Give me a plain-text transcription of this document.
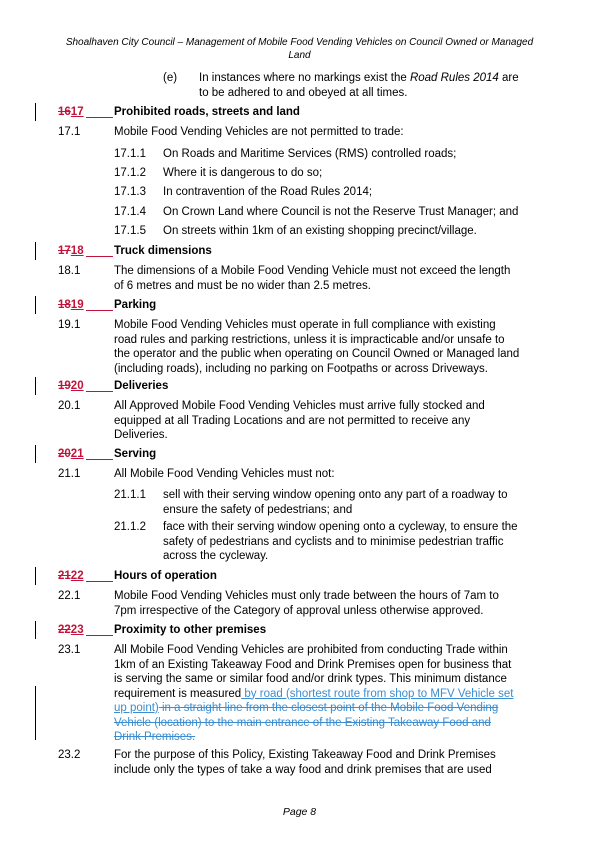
Shoalhaven City Council – Management of Mobile Food Vending Vehicles on Council Owned or Managed
Land
(e) In instances where no markings exist the Road Rules 2014 are
to be adhered to and obeyed at all times.
1617	Prohibited roads, streets and land
17.1	Mobile Food Vending Vehicles are not permitted to trade:
17.1.1 On Roads and Maritime Services (RMS) controlled roads;
17.1.2 Where it is dangerous to do so;
17.1.3 In contravention of the Road Rules 2014;
17.1.4 On Crown Land where Council is not the Reserve Trust Manager; and
17.1.5 On streets within 1km of an existing shopping precinct/village.
1718	Truck dimensions
18.1	The dimensions of a Mobile Food Vending Vehicle must not exceed the length
of 6 metres and must be no wider than 2.5 metres.
1819	Parking
19.1	Mobile Food Vending Vehicles must operate in full compliance with existing
road rules and parking restrictions, unless it is impracticable and/or unsafe to
the operator and the public when operating on Council Owned or Managed land
(including roads), including no parking on Footpaths or across Driveways.
1920	Deliveries
20.1	All Approved Mobile Food Vending Vehicles must arrive fully stocked and
equipped at all Trading Locations and are not permitted to receive any
Deliveries.
2021	Serving
21.1	All Mobile Food Vending Vehicles must not:
21.1.1 sell with their serving window opening onto any part of a roadway to
ensure the safety of pedestrians; and
21.1.2 face with their serving window opening onto a cycleway, to ensure the
safety of pedestrians and cyclists and to minimise pedestrian traffic
across the cycleway.
2122	Hours of operation
22.1	Mobile Food Vending Vehicles must only trade between the hours of 7am to
7pm irrespective of the Category of approval unless otherwise approved.
2223	Proximity to other premises
23.1	All Mobile Food Vending Vehicles are prohibited from conducting Trade within
1km of an Existing Takeaway Food and Drink Premises open for business that
is serving the same or similar food and/or drink types. This minimum distance
requirement is measured by road (shortest route from shop to MFV Vehicle set
up point) in a straight line from the closest point of the Mobile Food Vending
Vehicle (location) to the main entrance of the Existing Takeaway Food and
Drink Premises.
23.2	For the purpose of this Policy, Existing Takeaway Food and Drink Premises
include only the types of take a way food and drink premises that are used
Page 8
